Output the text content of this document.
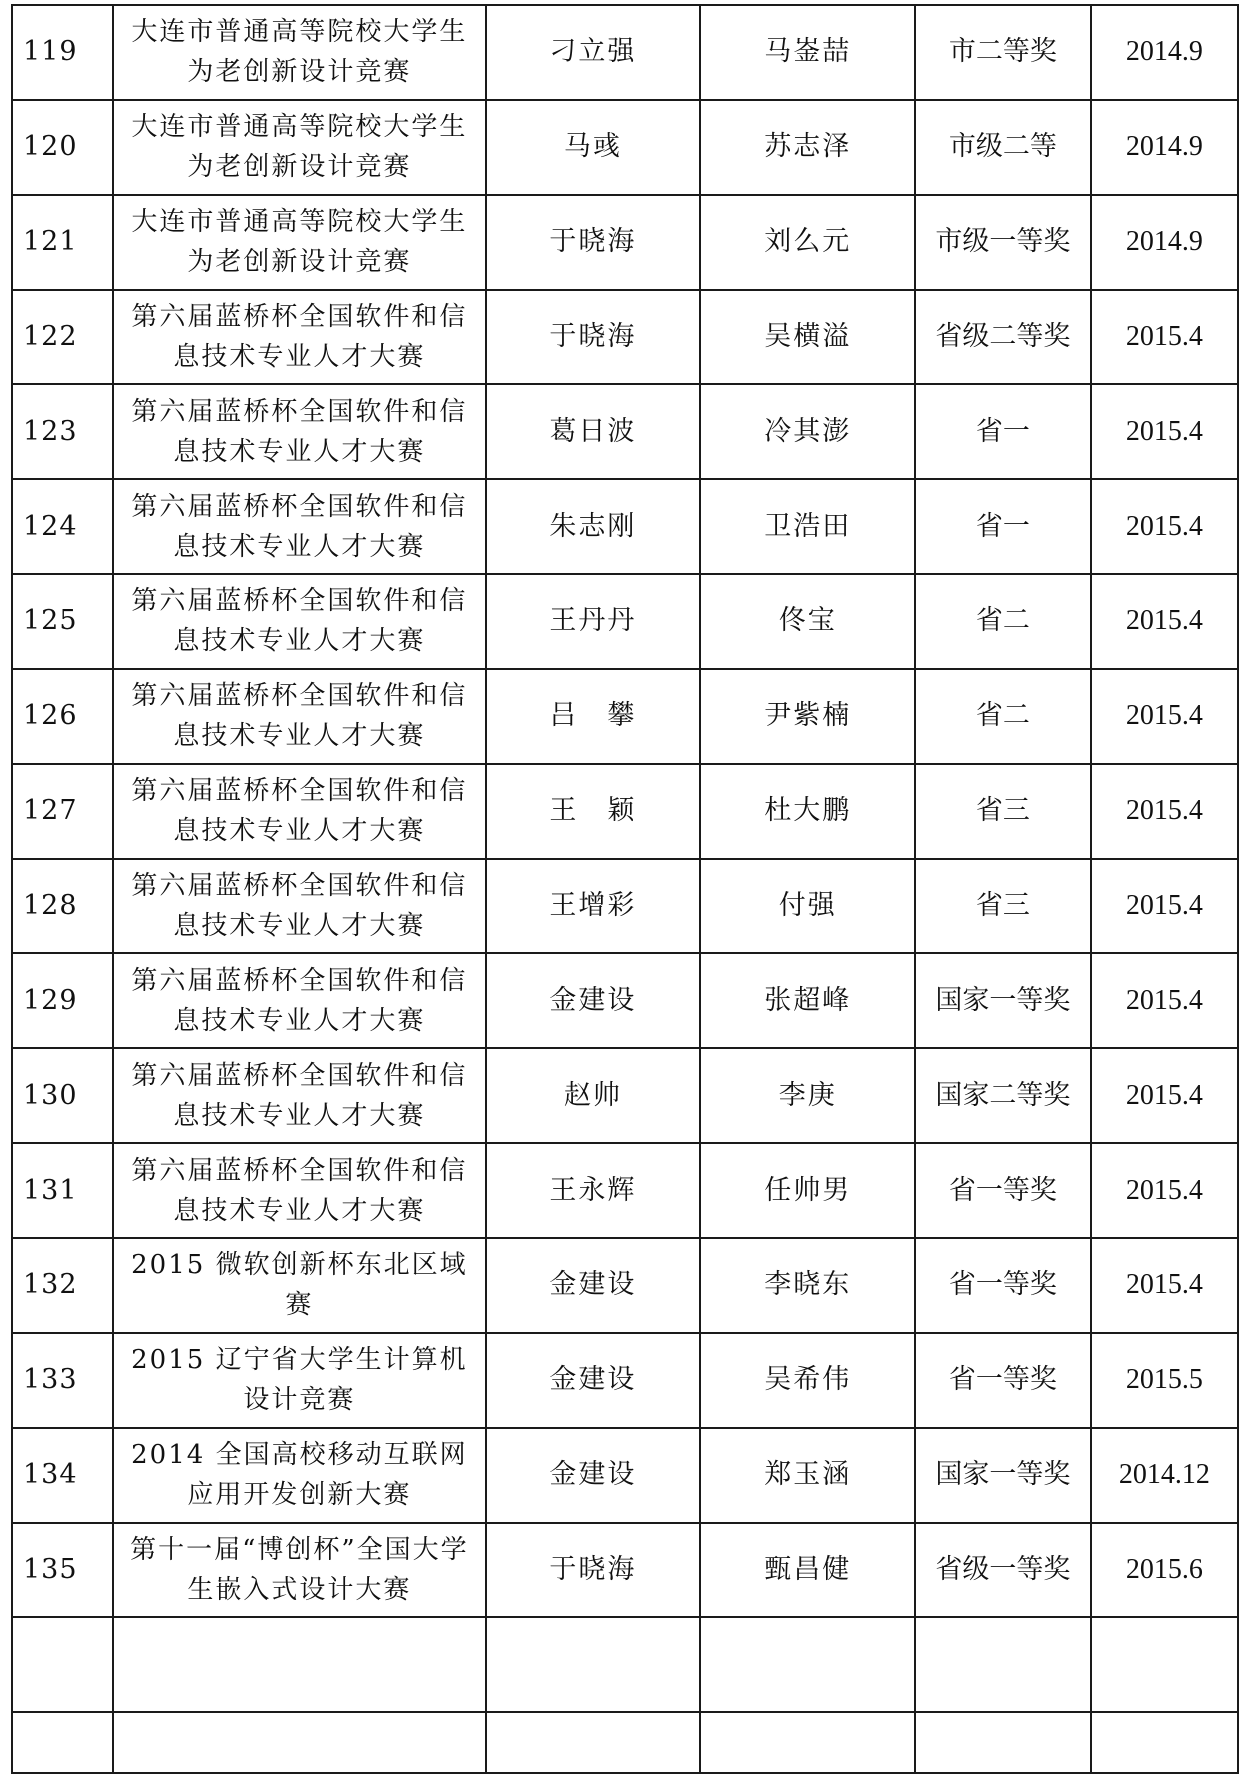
119	大连市普通高等院校大学生为老创新设计竞赛	刁立强	马崟喆	市二等奖	2014.9
120	大连市普通高等院校大学生为老创新设计竞赛	马彧	苏志泽	市级二等	2014.9
121	大连市普通高等院校大学生为老创新设计竞赛	于晓海	刘么元	市级一等奖	2014.9
122	第六届蓝桥杯全国软件和信息技术专业人才大赛	于晓海	吴横溢	省级二等奖	2015.4
123	第六届蓝桥杯全国软件和信息技术专业人才大赛	葛日波	冷其澎	省一	2015.4
124	第六届蓝桥杯全国软件和信息技术专业人才大赛	朱志刚	卫浩田	省一	2015.4
125	第六届蓝桥杯全国软件和信息技术专业人才大赛	王丹丹	佟宝	省二	2015.4
126	第六届蓝桥杯全国软件和信息技术专业人才大赛	吕　攀	尹紫楠	省二	2015.4
127	第六届蓝桥杯全国软件和信息技术专业人才大赛	王　颖	杜大鹏	省三	2015.4
128	第六届蓝桥杯全国软件和信息技术专业人才大赛	王增彩	付强	省三	2015.4
129	第六届蓝桥杯全国软件和信息技术专业人才大赛	金建设	张超峰	国家一等奖	2015.4
130	第六届蓝桥杯全国软件和信息技术专业人才大赛	赵帅	李庚	国家二等奖	2015.4
131	第六届蓝桥杯全国软件和信息技术专业人才大赛	王永辉	任帅男	省一等奖	2015.4
132	2015 微软创新杯东北区域赛	金建设	李晓东	省一等奖	2015.4
133	2015 辽宁省大学生计算机设计竞赛	金建设	吴希伟	省一等奖	2015.5
134	2014 全国高校移动互联网应用开发创新大赛	金建设	郑玉涵	国家一等奖	2014.12
135	第十一届“博创杯”全国大学生嵌入式设计大赛	于晓海	甄昌健	省级一等奖	2015.6
